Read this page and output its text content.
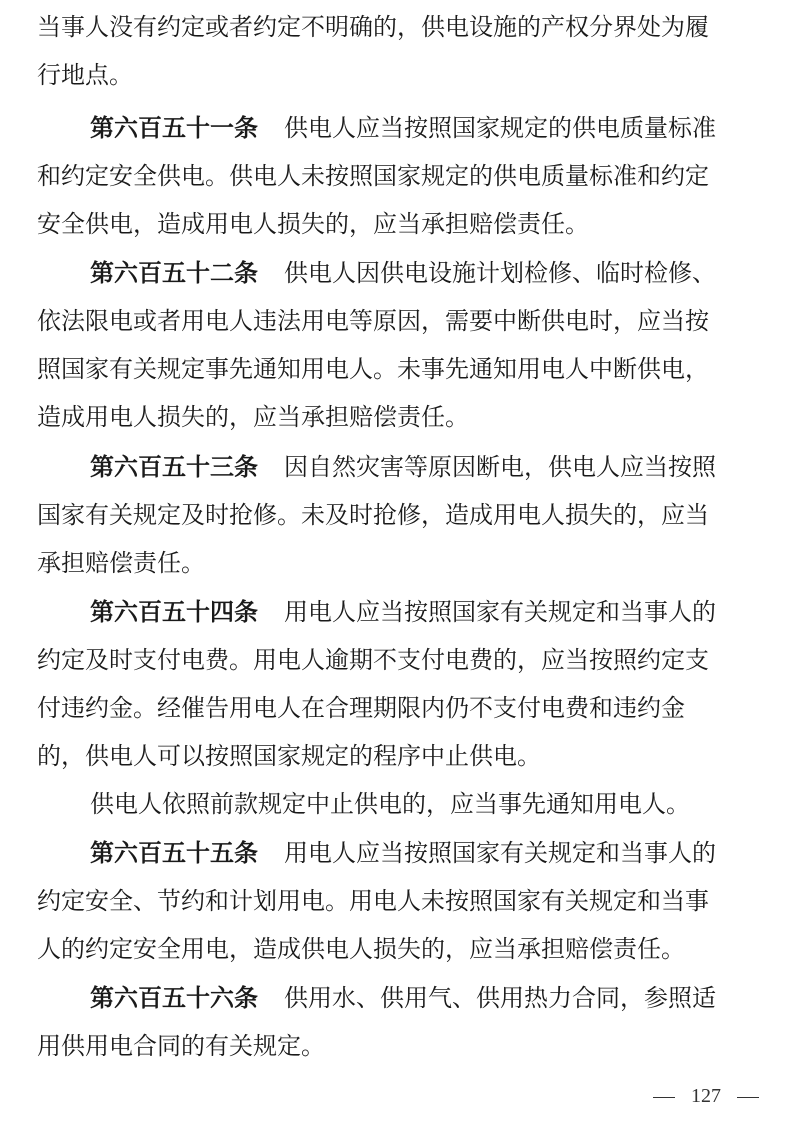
当事人没有约定或者约定不明确的，供电设施的产权分界处为履
行地点。
第六百五十一条 供电人应当按照国家规定的供电质量标准
和约定安全供电。供电人未按照国家规定的供电质量标准和约定
安全供电，造成用电人损失的，应当承担赔偿责任。
第六百五十二条 供电人因供电设施计划检修、临时检修、
依法限电或者用电人违法用电等原因，需要中断供电时，应当按
照国家有关规定事先通知用电人。未事先通知用电人中断供电，
造成用电人损失的，应当承担赔偿责任。
第六百五十三条 因自然灾害等原因断电，供电人应当按照
国家有关规定及时抢修。未及时抢修，造成用电人损失的，应当
承担赔偿责任。
第六百五十四条 用电人应当按照国家有关规定和当事人的
约定及时支付电费。用电人逾期不支付电费的，应当按照约定支
付违约金。经催告用电人在合理期限内仍不支付电费和违约金
的，供电人可以按照国家规定的程序中止供电。
供电人依照前款规定中止供电的，应当事先通知用电人。
第六百五十五条 用电人应当按照国家有关规定和当事人的
约定安全、节约和计划用电。用电人未按照国家有关规定和当事
人的约定安全用电，造成供电人损失的，应当承担赔偿责任。
第六百五十六条 供用水、供用气、供用热力合同，参照适
用供用电合同的有关规定。
127
